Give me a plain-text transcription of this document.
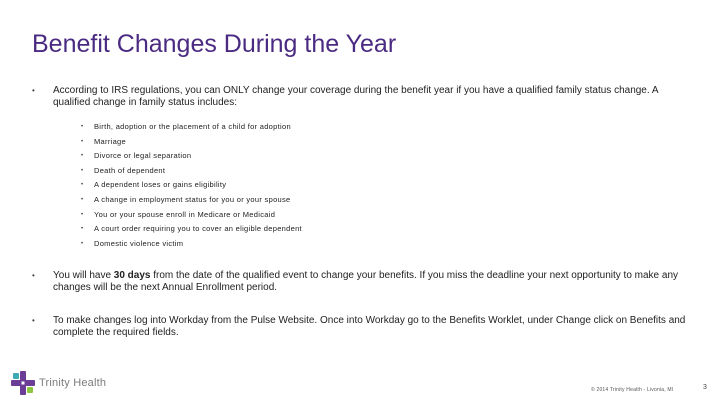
Benefit Changes During the Year
• According to IRS regulations, you can ONLY change your coverage during the benefit year if you have a qualified family status change. A qualified change in family status includes:
• Birth, adoption or the placement of a child for adoption
• Marriage
• Divorce or legal separation
• Death of dependent
• A dependent loses or gains eligibility
• A change in employment status for you or your spouse
• You or your spouse enroll in Medicare or Medicaid
• A court order requiring you to cover an eligible dependent
• Domestic violence victim
• You will have 30 days from the date of the qualified event to change your benefits. If you miss the deadline your next opportunity to make any changes will be the next Annual Enrollment period.
• To make changes log into Workday from the Pulse Website. Once into Workday go to the Benefits Worklet, under Change click on Benefits and complete the required fields.
Trinity Health
© 2014 Trinity Health - Livonia, MI	3
